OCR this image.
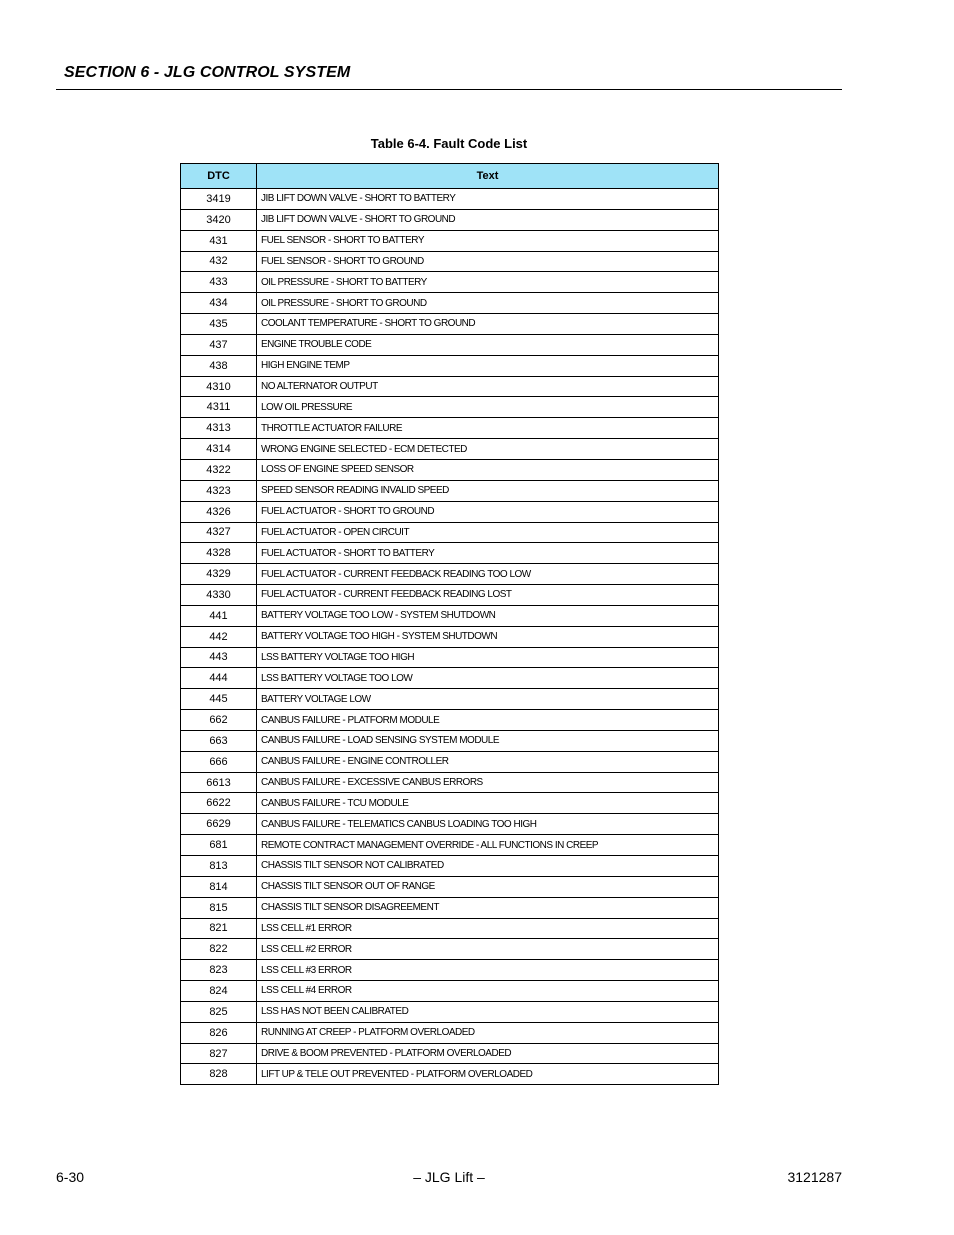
SECTION 6 - JLG CONTROL SYSTEM
Table 6-4. Fault Code List
DTC	Text
3419	JIB LIFT DOWN VALVE - SHORT TO BATTERY
3420	JIB LIFT DOWN VALVE - SHORT TO GROUND
431	FUEL SENSOR - SHORT TO BATTERY
432	FUEL SENSOR - SHORT TO GROUND
433	OIL PRESSURE - SHORT TO BATTERY
434	OIL PRESSURE - SHORT TO GROUND
435	COOLANT TEMPERATURE - SHORT TO GROUND
437	ENGINE TROUBLE CODE
438	HIGH ENGINE TEMP
4310	NO ALTERNATOR OUTPUT
4311	LOW OIL PRESSURE
4313	THROTTLE ACTUATOR FAILURE
4314	WRONG ENGINE SELECTED - ECM DETECTED
4322	LOSS OF ENGINE SPEED SENSOR
4323	SPEED SENSOR READING INVALID SPEED
4326	FUEL ACTUATOR - SHORT TO GROUND
4327	FUEL ACTUATOR - OPEN CIRCUIT
4328	FUEL ACTUATOR - SHORT TO BATTERY
4329	FUEL ACTUATOR - CURRENT FEEDBACK READING TOO LOW
4330	FUEL ACTUATOR - CURRENT FEEDBACK READING LOST
441	BATTERY VOLTAGE TOO LOW - SYSTEM SHUTDOWN
442	BATTERY VOLTAGE TOO HIGH - SYSTEM SHUTDOWN
443	LSS BATTERY VOLTAGE TOO HIGH
444	LSS BATTERY VOLTAGE TOO LOW
445	BATTERY VOLTAGE LOW
662	CANBUS FAILURE - PLATFORM MODULE
663	CANBUS FAILURE - LOAD SENSING SYSTEM MODULE
666	CANBUS FAILURE - ENGINE CONTROLLER
6613	CANBUS FAILURE - EXCESSIVE CANBUS ERRORS
6622	CANBUS FAILURE - TCU MODULE
6629	CANBUS FAILURE - TELEMATICS CANBUS LOADING TOO HIGH
681	REMOTE CONTRACT MANAGEMENT OVERRIDE - ALL FUNCTIONS IN CREEP
813	CHASSIS TILT SENSOR NOT CALIBRATED
814	CHASSIS TILT SENSOR OUT OF RANGE
815	CHASSIS TILT SENSOR DISAGREEMENT
821	LSS CELL #1 ERROR
822	LSS CELL #2 ERROR
823	LSS CELL #3 ERROR
824	LSS CELL #4 ERROR
825	LSS HAS NOT BEEN CALIBRATED
826	RUNNING AT CREEP - PLATFORM OVERLOADED
827	DRIVE & BOOM PREVENTED - PLATFORM OVERLOADED
828	LIFT UP & TELE OUT PREVENTED - PLATFORM OVERLOADED
6-30	– JLG Lift –	3121287
